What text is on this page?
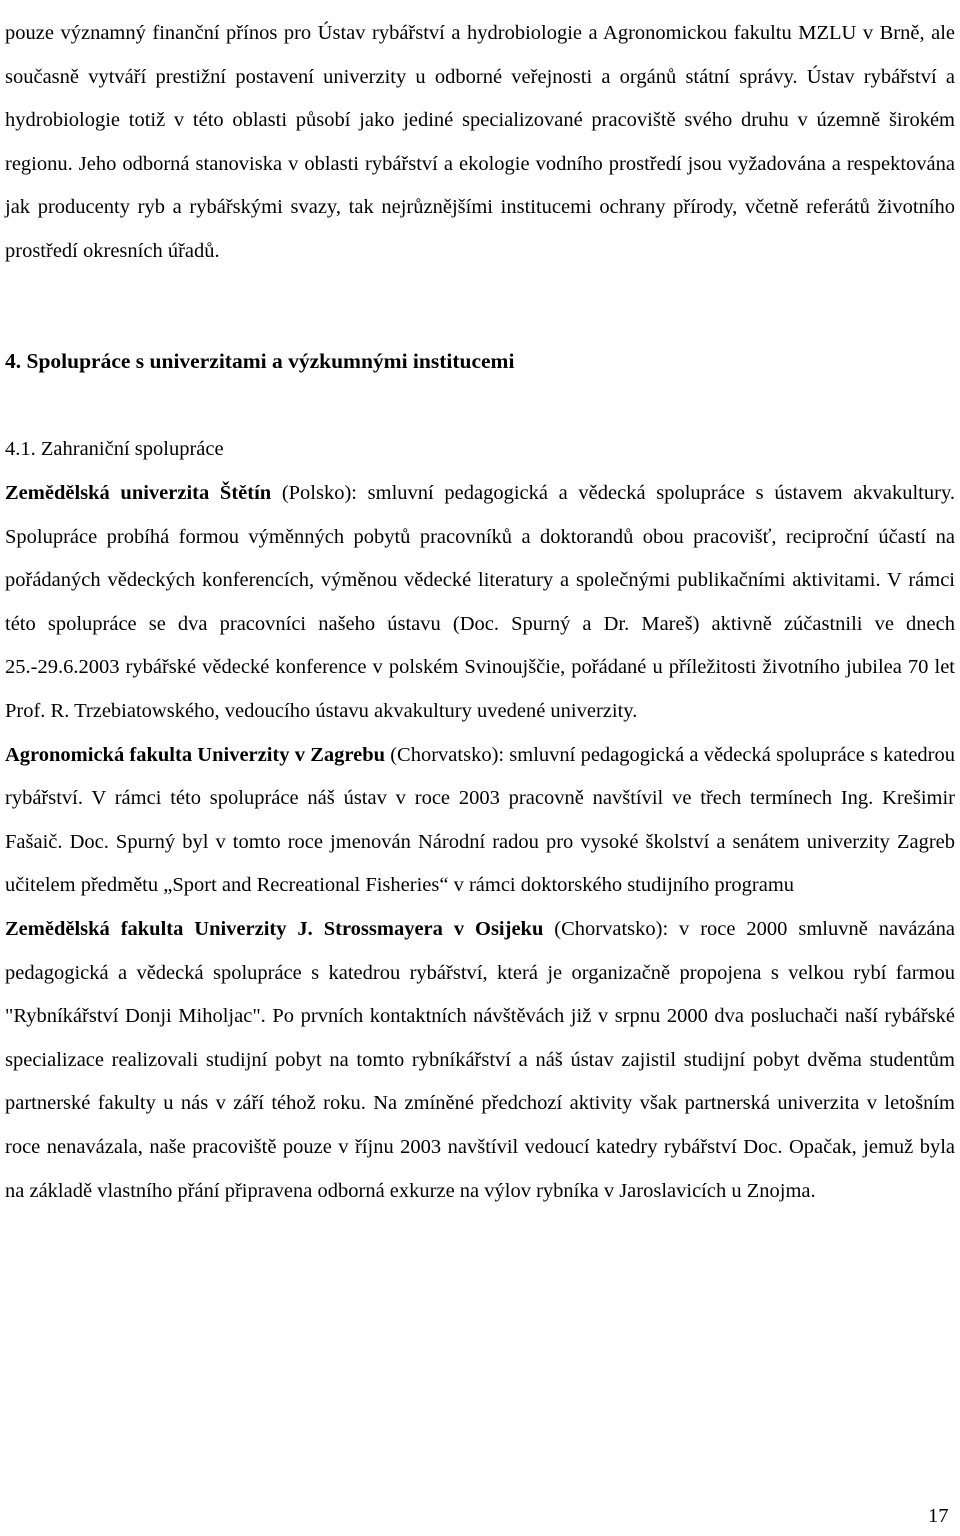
pouze významný finanční přínos pro Ústav rybářství a hydrobiologie a Agronomickou fakultu MZLU v Brně, ale současně vytváří prestižní postavení univerzity u odborné veřejnosti a orgánů státní správy. Ústav rybářství a hydrobiologie totiž v této oblasti působí jako jediné specializované pracoviště svého druhu v územně širokém regionu. Jeho odborná stanoviska v oblasti rybářství a ekologie vodního prostředí jsou vyžadována a respektována jak producenty ryb a rybářskými svazy, tak nejrůznějšími institucemi ochrany přírody, včetně referátů životního prostředí okresních úřadů.

4. Spolupráce s univerzitami a výzkumnými institucemi
4.1. Zahraniční spolupráce

Zemědělská univerzita Štětín (Polsko): smluvní pedagogická a vědecká spolupráce s ústavem akvakultury. Spolupráce probíhá formou výměnných pobytů pracovníků a doktorandů obou pracovišť, reciproční účastí na pořádaných vědeckých konferencích, výměnou vědecké literatury a společnými publikačními aktivitami. V rámci této spolupráce se dva pracovníci našeho ústavu (Doc. Spurný a Dr. Mareš) aktivně zúčastnili ve dnech 25.-29.6.2003 rybářské vědecké konference v polském Svinoujščie, pořádané u příležitosti životního jubilea 70 let Prof. R. Trzebiatowského, vedoucího ústavu akvakultury uvedené univerzity.

Agronomická fakulta Univerzity v Zagrebu (Chorvatsko): smluvní pedagogická a vědecká spolupráce s katedrou rybářství. V rámci této spolupráce náš ústav v roce 2003 pracovně navštívil ve třech termínech Ing. Krešimir Fašaič. Doc. Spurný byl v tomto roce jmenován Národní radou pro vysoké školství a senátem univerzity Zagreb učitelem předmětu „Sport and Recreational Fisheries“ v rámci doktorského studijního programu

Zemědělská fakulta Univerzity J. Strossmayera v Osijeku (Chorvatsko): v roce 2000 smluvně navázána pedagogická a vědecká spolupráce s katedrou rybářství, která je organizačně propojena s velkou rybí farmou "Rybníkářství Donji Miholjac". Po prvních kontaktních návštěvách již v srpnu 2000 dva posluchači naší rybářské specializace realizovali studijní pobyt na tomto rybníkářství a náš ústav zajistil studijní pobyt dvěma studentům partnerské fakulty u nás v září téhož roku. Na zmíněné předchozí aktivity však partnerská univerzita v letošním roce nenavázala, naše pracoviště pouze v říjnu 2003 navštívil vedoucí katedry rybářství Doc. Opačak, jemuž byla na základě vlastního přání připravena odborná exkurze na výlov rybníka v Jaroslavicích u Znojma.

17
